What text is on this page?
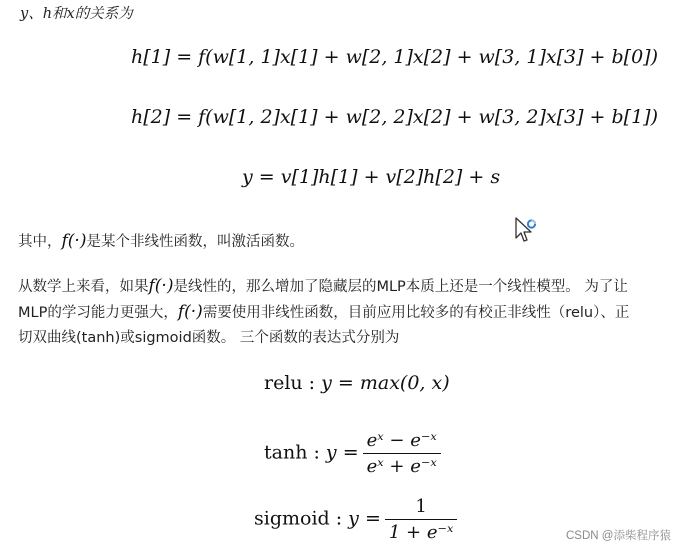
y、h和x的关系为
h[1] = f(w[1, 1]x[1] + w[2, 1]x[2] + w[3, 1]x[3] + b[0])
h[2] = f(w[1, 2]x[1] + w[2, 2]x[2] + w[3, 2]x[3] + b[1])
y = v[1]h[1] + v[2]h[2] + s
其中，f(·)是某个非线性函数，叫激活函数。
从数学上来看，如果f(·)是线性的，那么增加了隐藏层的MLP本质上还是一个线性模型。 为了让
MLP的学习能力更强大，f(·)需要使用非线性函数，目前应用比较多的有校正非线性（relu）、正
切双曲线(tanh)或sigmoid函数。 三个函数的表达式分别为
relu : y = max(0, x)
tanh : $y = \frac{\text{eˣ − e⁻ˣ}}{\text{eˣ + e⁻ˣ}}$
sigmoid : $y = \frac{1}{\text{1 + e⁻ˣ}}$	CSDN @添柴程序猿
